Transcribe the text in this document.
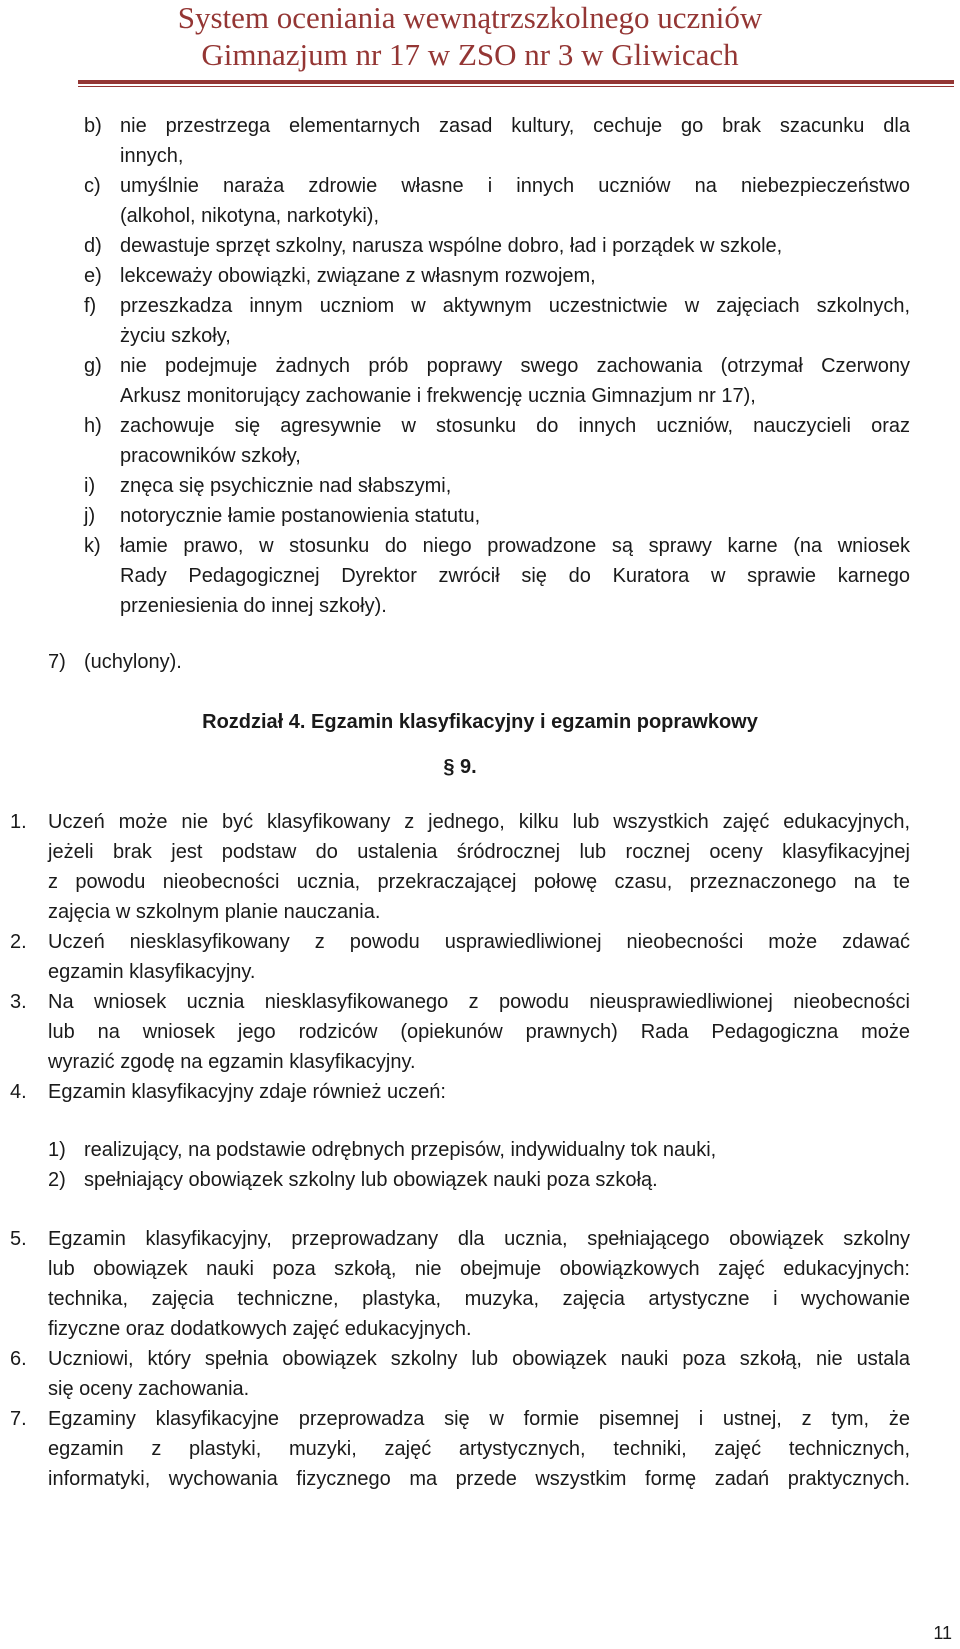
System oceniania wewnątrzszkolnego uczniów
Gimnazjum nr 17 w ZSO nr 3 w Gliwicach
b) nie przestrzega elementarnych zasad kultury, cechuje go brak szacunku dla
innych,
c) umyślnie naraża zdrowie własne i innych uczniów na niebezpieczeństwo
(alkohol, nikotyna, narkotyki),
d) dewastuje sprzęt szkolny, narusza wspólne dobro, ład i porządek w szkole,
e) lekceważy obowiązki, związane z własnym rozwojem,
f) przeszkadza innym uczniom w aktywnym uczestnictwie w zajęciach szkolnych,
życiu szkoły,
g) nie podejmuje żadnych prób poprawy swego zachowania (otrzymał Czerwony
Arkusz monitorujący zachowanie i frekwencję ucznia Gimnazjum nr 17),
h) zachowuje się agresywnie w stosunku do innych uczniów, nauczycieli oraz
pracowników szkoły,
i) znęca się psychicznie nad słabszymi,
j) notorycznie łamie postanowienia statutu,
k) łamie prawo, w stosunku do niego prowadzone są sprawy karne (na wniosek
Rady Pedagogicznej Dyrektor zwrócił się do Kuratora w sprawie karnego
przeniesienia do innej szkoły).
7) (uchylony).
Rozdział 4. Egzamin klasyfikacyjny i egzamin poprawkowy
§ 9.
1. Uczeń może nie być klasyfikowany z jednego, kilku lub wszystkich zajęć edukacyjnych,
jeżeli brak jest podstaw do ustalenia śródrocznej lub rocznej oceny klasyfikacyjnej
z powodu nieobecności ucznia, przekraczającej połowę czasu, przeznaczonego na te
zajęcia w szkolnym planie nauczania.
2. Uczeń niesklasyfikowany z powodu usprawiedliwionej nieobecności może zdawać
egzamin klasyfikacyjny.
3. Na wniosek ucznia niesklasyfikowanego z powodu nieusprawiedliwionej nieobecności
lub na wniosek jego rodziców (opiekunów prawnych) Rada Pedagogiczna może
wyrazić zgodę na egzamin klasyfikacyjny.
4. Egzamin klasyfikacyjny zdaje również uczeń:
1) realizujący, na podstawie odrębnych przepisów, indywidualny tok nauki,
2) spełniający obowiązek szkolny lub obowiązek nauki poza szkołą.
5. Egzamin klasyfikacyjny, przeprowadzany dla ucznia, spełniającego obowiązek szkolny
lub obowiązek nauki poza szkołą, nie obejmuje obowiązkowych zajęć edukacyjnych:
technika, zajęcia techniczne, plastyka, muzyka, zajęcia artystyczne i wychowanie
fizyczne oraz dodatkowych zajęć edukacyjnych.
6. Uczniowi, który spełnia obowiązek szkolny lub obowiązek nauki poza szkołą, nie ustala
się oceny zachowania.
7. Egzaminy klasyfikacyjne przeprowadza się w formie pisemnej i ustnej, z tym, że
egzamin z plastyki, muzyki, zajęć artystycznych, techniki, zajęć technicznych,
informatyki, wychowania fizycznego ma przede wszystkim formę zadań praktycznych.
11
